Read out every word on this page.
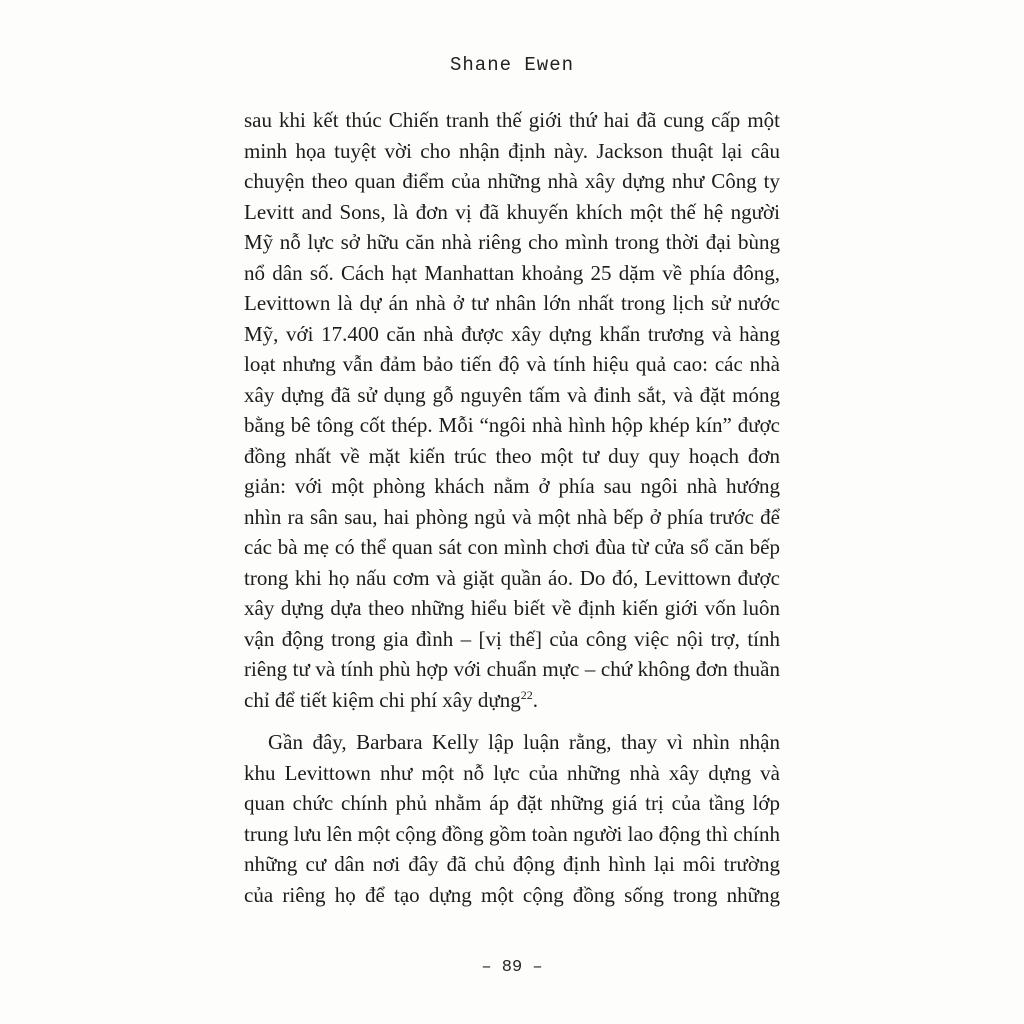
Shane Ewen
sau khi kết thúc Chiến tranh thế giới thứ hai đã cung cấp một
minh họa tuyệt vời cho nhận định này. Jackson thuật lại câu
chuyện theo quan điểm của những nhà xây dựng như Công ty
Levitt and Sons, là đơn vị đã khuyến khích một thế hệ người
Mỹ nỗ lực sở hữu căn nhà riêng cho mình trong thời đại bùng
nổ dân số. Cách hạt Manhattan khoảng 25 dặm về phía đông,
Levittown là dự án nhà ở tư nhân lớn nhất trong lịch sử nước
Mỹ, với 17.400 căn nhà được xây dựng khẩn trương và hàng
loạt nhưng vẫn đảm bảo tiến độ và tính hiệu quả cao: các nhà
xây dựng đã sử dụng gỗ nguyên tấm và đinh sắt, và đặt móng
bằng bê tông cốt thép. Mỗi “ngôi nhà hình hộp khép kín” được
đồng nhất về mặt kiến trúc theo một tư duy quy hoạch đơn
giản: với một phòng khách nằm ở phía sau ngôi nhà hướng
nhìn ra sân sau, hai phòng ngủ và một nhà bếp ở phía trước để
các bà mẹ có thể quan sát con mình chơi đùa từ cửa sổ căn bếp
trong khi họ nấu cơm và giặt quần áo. Do đó, Levittown được
xây dựng dựa theo những hiểu biết về định kiến giới vốn luôn
vận động trong gia đình – [vị thế] của công việc nội trợ, tính
riêng tư và tính phù hợp với chuẩn mực – chứ không đơn thuần
chỉ để tiết kiệm chi phí xây dựng$^{22}$.
Gần đây, Barbara Kelly lập luận rằng, thay vì nhìn nhận
khu Levittown như một nỗ lực của những nhà xây dựng và
quan chức chính phủ nhằm áp đặt những giá trị của tầng lớp
trung lưu lên một cộng đồng gồm toàn người lao động thì chính
những cư dân nơi đây đã chủ động định hình lại môi trường
của riêng họ để tạo dựng một cộng đồng sống trong những
– 89 –
